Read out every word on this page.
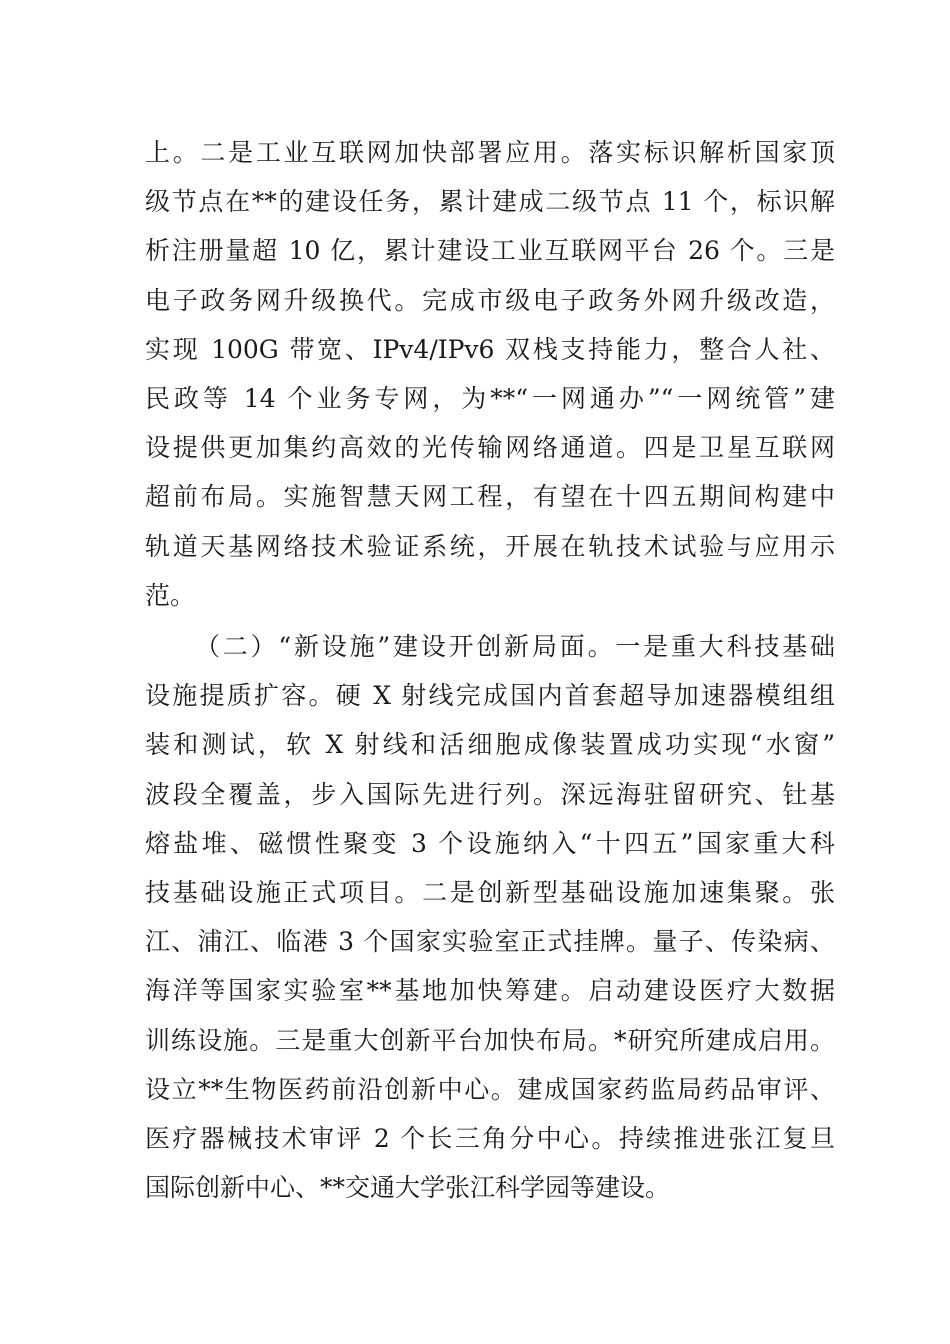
上。二是工业互联网加快部署应用。落实标识解析国家顶
级节点在**的建设任务，累计建成二级节点 11 个，标识解
析注册量超 10 亿，累计建设工业互联网平台 26 个。三是
电子政务网升级换代。完成市级电子政务外网升级改造，
实现 100G 带宽、IPv4/IPv6 双栈支持能力，整合人社、
民政等 14 个业务专网，为**“一网通办”“一网统管”建
设提供更加集约高效的光传输网络通道。四是卫星互联网
超前布局。实施智慧天网工程，有望在十四五期间构建中
轨道天基网络技术验证系统，开展在轨技术试验与应用示
范。
（二）“新设施”建设开创新局面。一是重大科技基础
设施提质扩容。硬 X 射线完成国内首套超导加速器模组组
装和测试，软 X 射线和活细胞成像装置成功实现“水窗”
波段全覆盖，步入国际先进行列。深远海驻留研究、钍基
熔盐堆、磁惯性聚变 3 个设施纳入“十四五”国家重大科
技基础设施正式项目。二是创新型基础设施加速集聚。张
江、浦江、临港 3 个国家实验室正式挂牌。量子、传染病、
海洋等国家实验室**基地加快筹建。启动建设医疗大数据
训练设施。三是重大创新平台加快布局。*研究所建成启用。
设立**生物医药前沿创新中心。建成国家药监局药品审评、
医疗器械技术审评 2 个长三角分中心。持续推进张江复旦
国际创新中心、**交通大学张江科学园等建设。
